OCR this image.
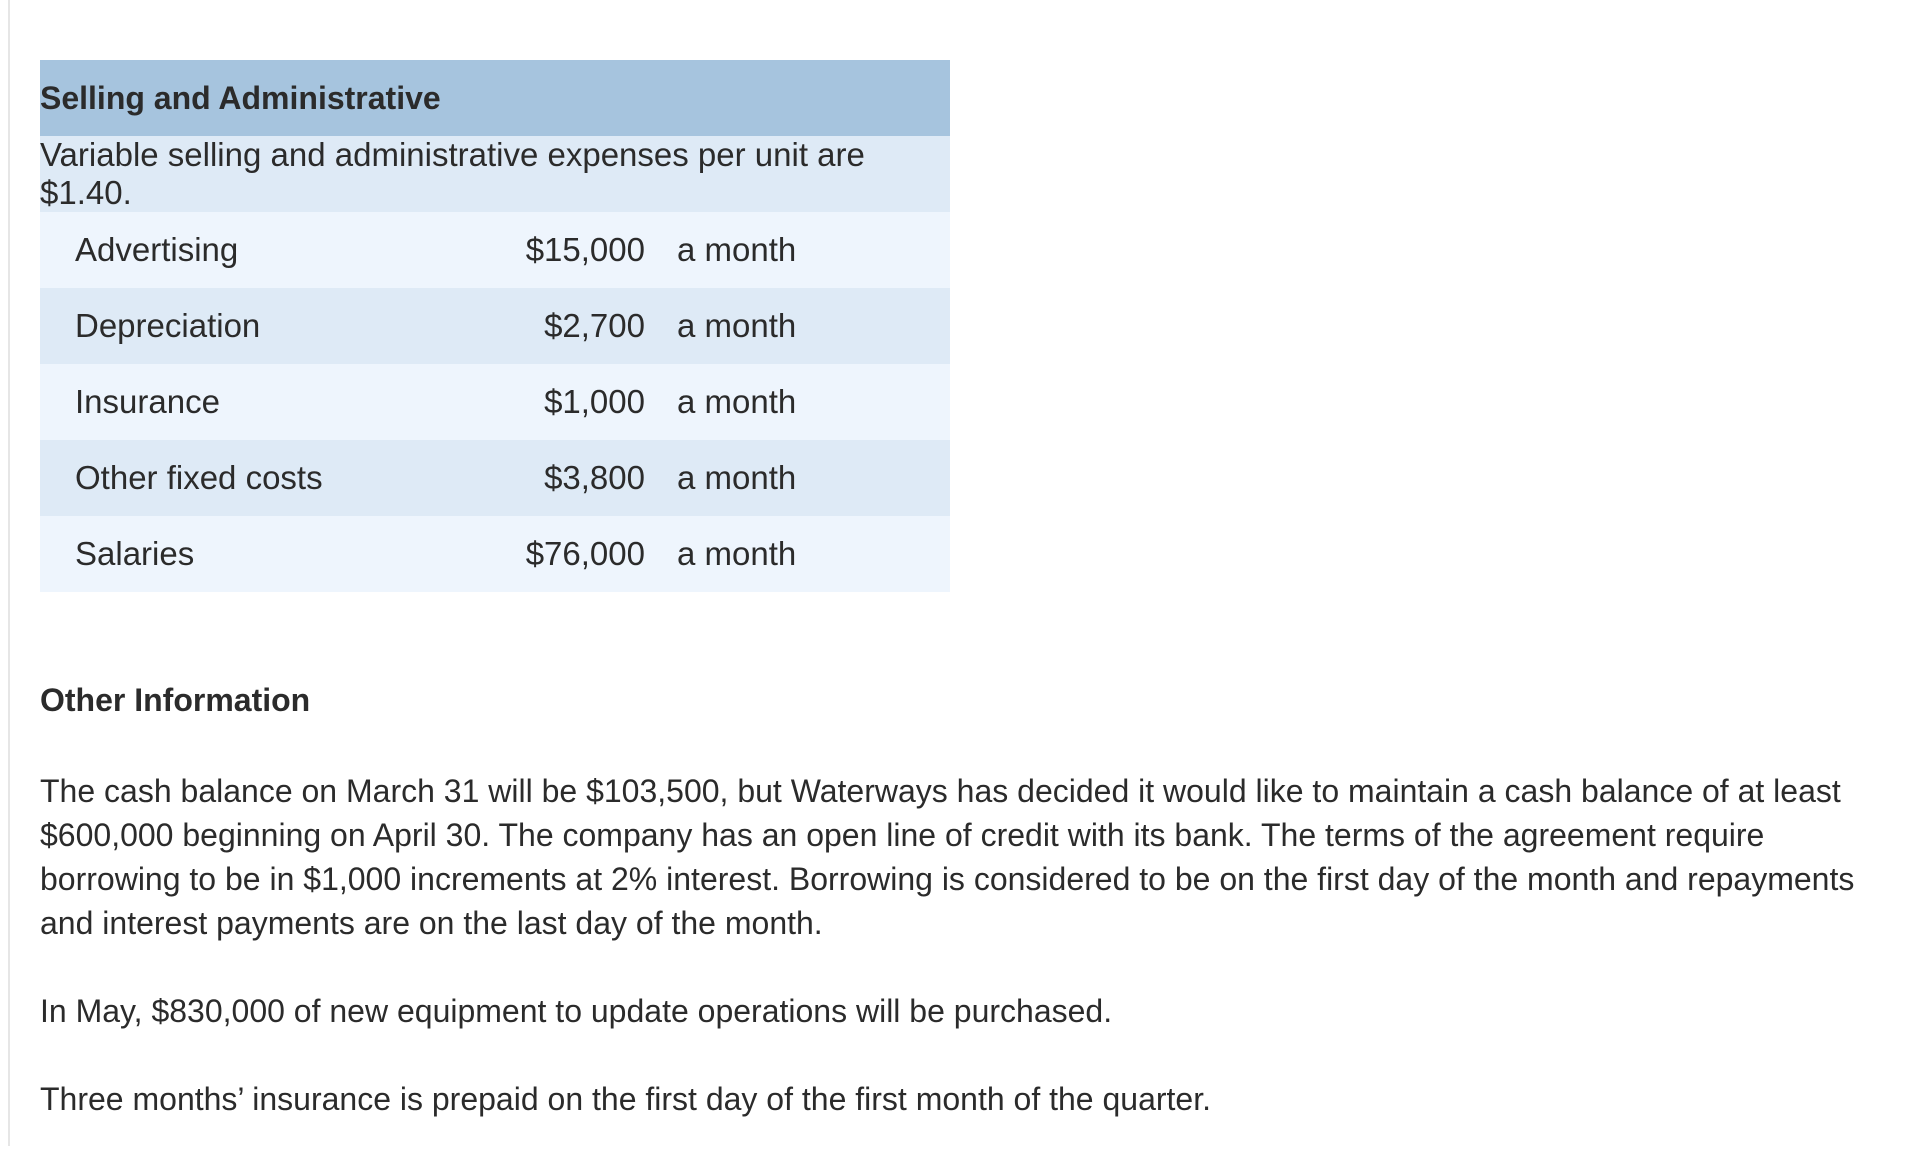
Selling and Administrative		
Variable selling and administrative expenses per unit are $1.40.		
Advertising	$15,000	a month
Depreciation	$2,700	a month
Insurance	$1,000	a month
Other fixed costs	$3,800	a month
Salaries	$76,000	a month
Other Information

The cash balance on March 31 will be $103,500, but Waterways has decided it would like to maintain a cash balance of at least $600,000 beginning on April 30. The company has an open line of credit with its bank. The terms of the agreement require borrowing to be in $1,000 increments at 2% interest. Borrowing is considered to be on the first day of the month and repayments and interest payments are on the last day of the month.

In May, $830,000 of new equipment to update operations will be purchased.

Three months’ insurance is prepaid on the first day of the first month of the quarter.
